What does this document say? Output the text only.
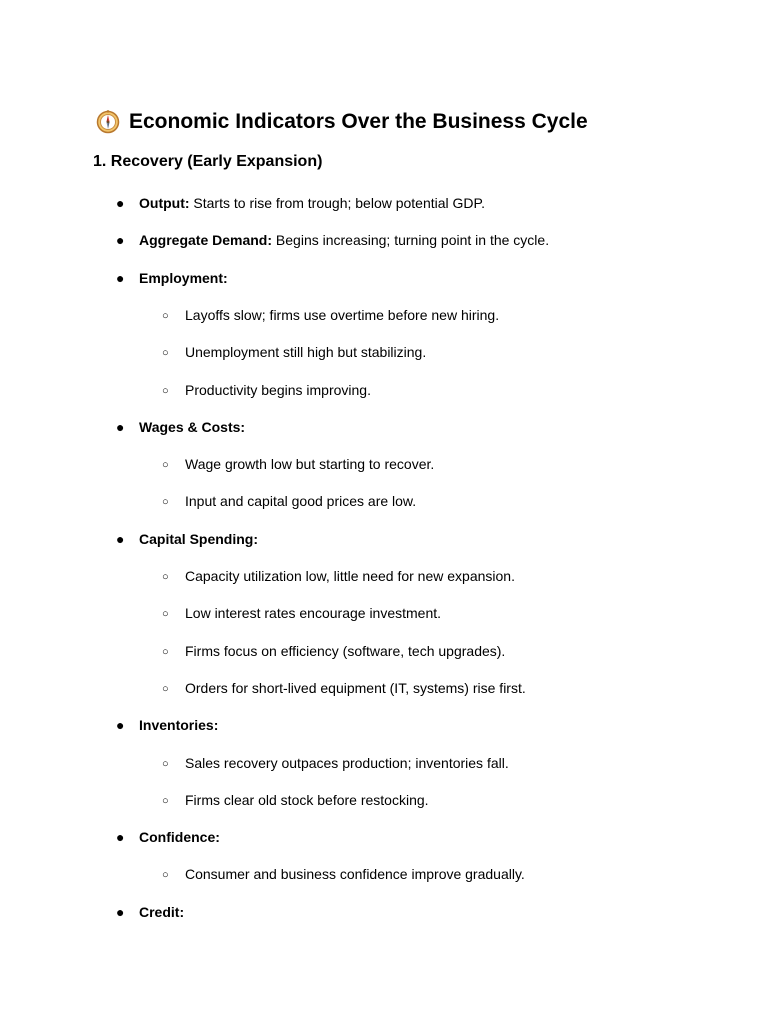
Economic Indicators Over the Business Cycle
1. Recovery (Early Expansion)
● Output: Starts to rise from trough; below potential GDP.
● Aggregate Demand: Begins increasing; turning point in the cycle.
● Employment:
○ Layoffs slow; firms use overtime before new hiring.
○ Unemployment still high but stabilizing.
○ Productivity begins improving.
● Wages & Costs:
○ Wage growth low but starting to recover.
○ Input and capital good prices are low.
● Capital Spending:
○ Capacity utilization low, little need for new expansion.
○ Low interest rates encourage investment.
○ Firms focus on efficiency (software, tech upgrades).
○ Orders for short-lived equipment (IT, systems) rise first.
● Inventories:
○ Sales recovery outpaces production; inventories fall.
○ Firms clear old stock before restocking.
● Confidence:
○ Consumer and business confidence improve gradually.
● Credit:
